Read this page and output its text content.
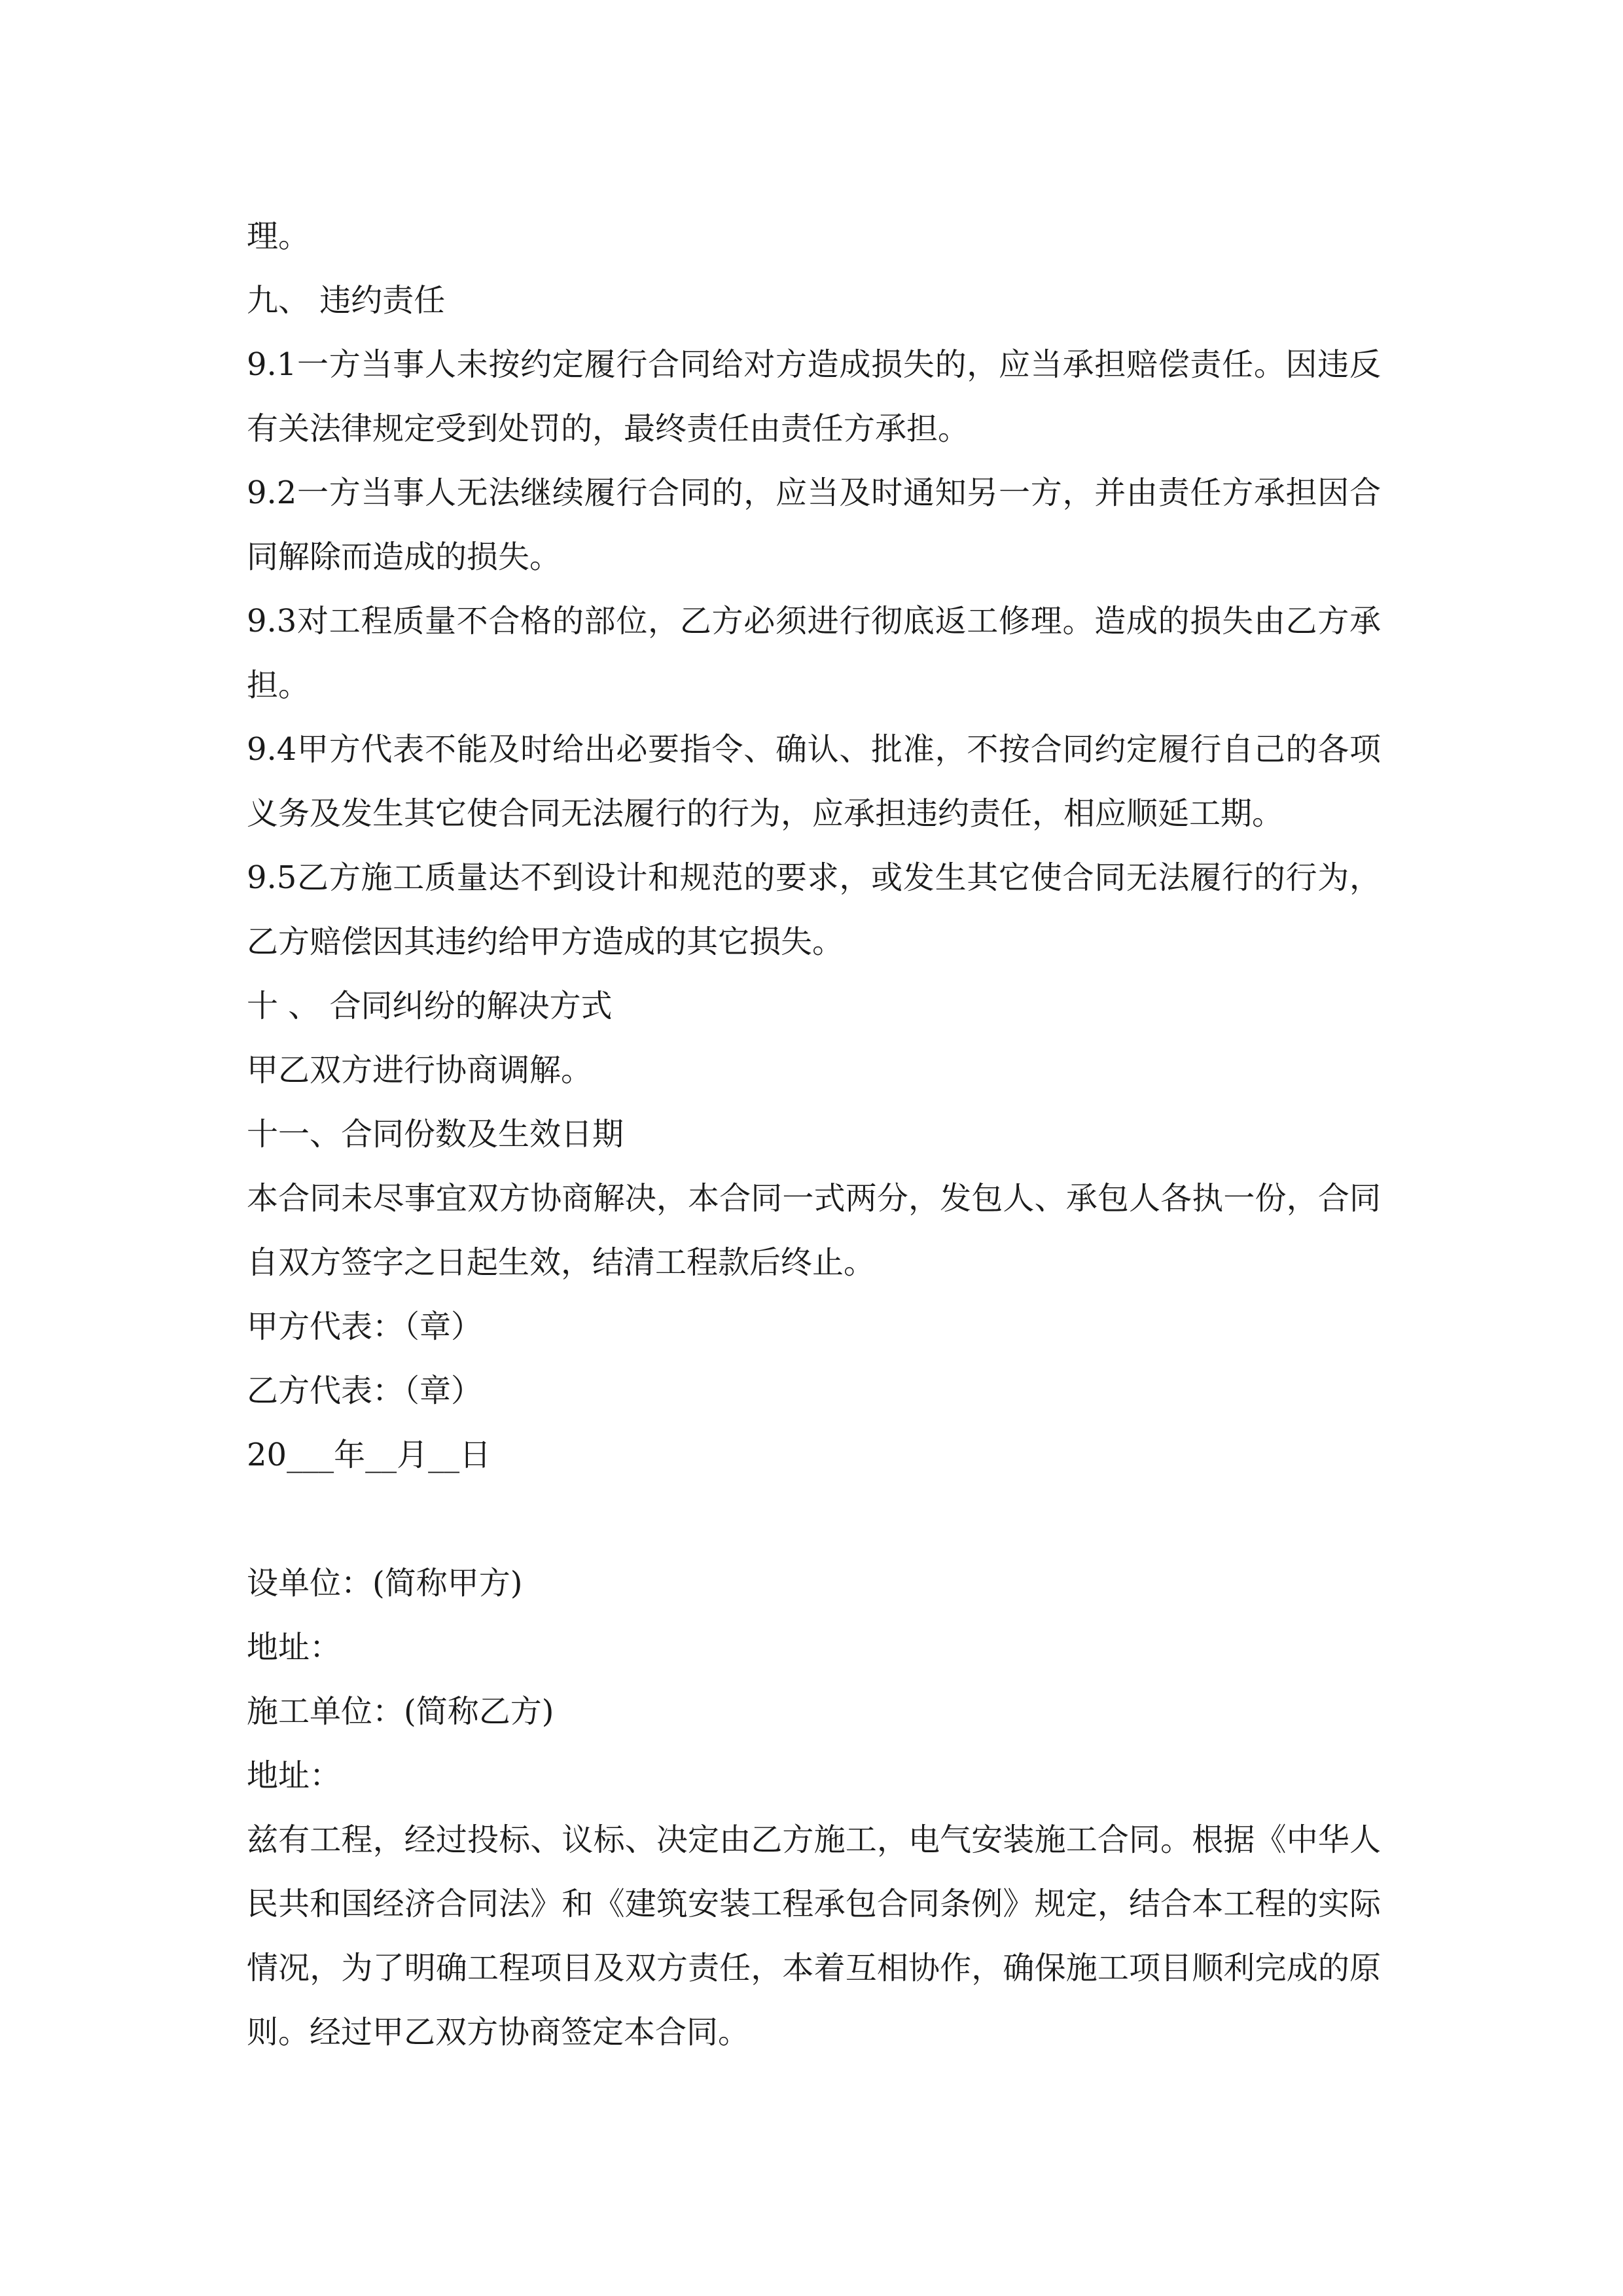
理。

九、 违约责任

9.1一方当事人未按约定履行合同给对方造成损失的，应当承担赔偿责任。因违反有关法律规定受到处罚的，最终责任由责任方承担。

9.2一方当事人无法继续履行合同的，应当及时通知另一方，并由责任方承担因合同解除而造成的损失。

9.3对工程质量不合格的部位，乙方必须进行彻底返工修理。造成的损失由乙方承担。

9.4甲方代表不能及时给出必要指令、确认、批准，不按合同约定履行自己的各项义务及发生其它使合同无法履行的行为，应承担违约责任，相应顺延工期。

9.5乙方施工质量达不到设计和规范的要求，或发生其它使合同无法履行的行为，乙方赔偿因其违约给甲方造成的其它损失。

十 、 合同纠纷的解决方式

甲乙双方进行协商调解。

十一、合同份数及生效日期

本合同未尽事宜双方协商解决，本合同一式两分，发包人、承包人各执一份，合同自双方签字之日起生效，结清工程款后终止。

甲方代表：（章）

乙方代表：（章）

20___年__月__日

设单位：(简称甲方)

地址：

施工单位：(简称乙方)

地址：

兹有工程，经过投标、议标、决定由乙方施工，电气安装施工合同。根据《中华人民共和国经济合同法》和《建筑安装工程承包合同条例》规定，结合本工程的实际情况，为了明确工程项目及双方责任，本着互相协作，确保施工项目顺利完成的原则。经过甲乙双方协商签定本合同。
